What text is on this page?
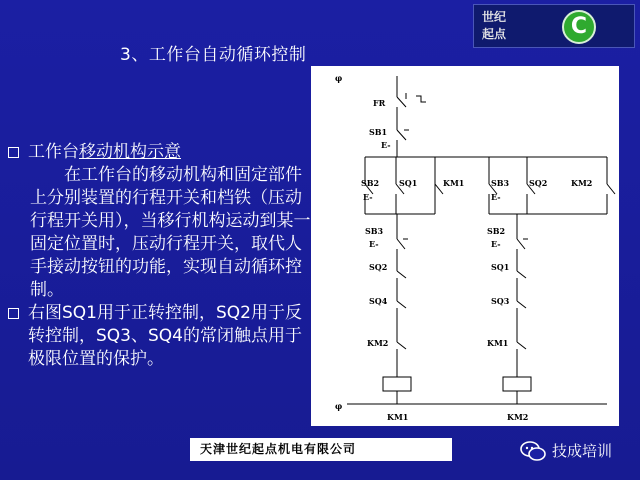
世纪
起点	C
3、工作台自动循环控制
工作台移动机构示意
在工作台的移动机构和固定部件上分别装置的行程开关和档铁（压动行程开关用），当移行机构运动到某一固定位置时，压动行程开关，取代人手接动按钮的功能，实现自动循环控制。
右图SQ1用于正转控制，SQ2用于反转控制，SQ3、SQ4的常闭触点用于极限位置的保护。
φ
φ
FR
SB1
E-
SB2 SQ1	KM1	SB3 SQ2	KM2
E-	E-
SB3
E-
SB2
E-
SQ2	SQ1
SQ4	SQ3
KM2	KM1
KM1	KM2
天津世纪起点机电有限公司	技成培训
